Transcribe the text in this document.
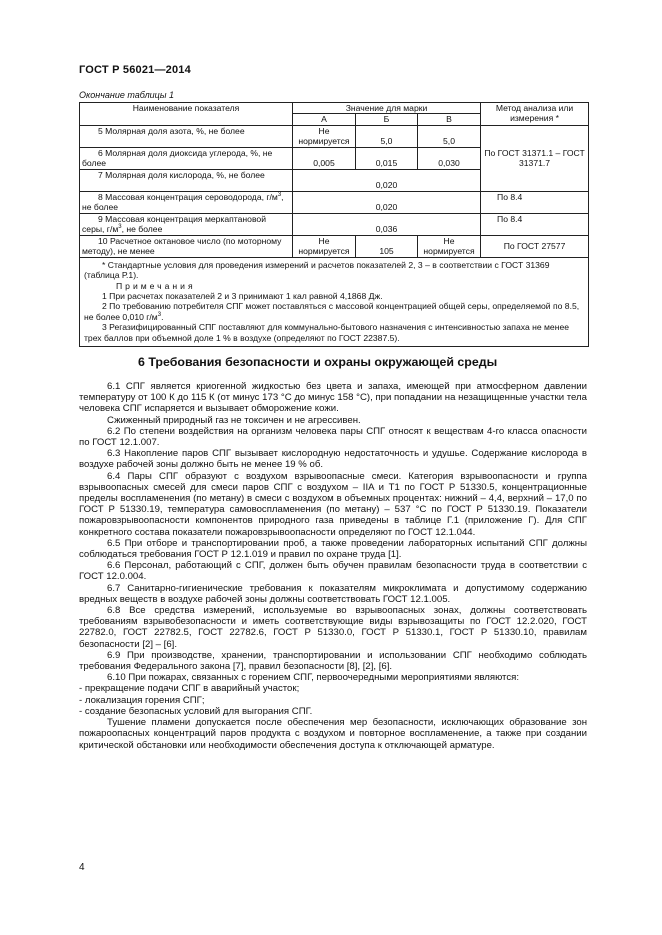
ГОСТ Р 56021—2014
Окончание таблицы 1
Наименование показателя	Значение для марки			Метод анализа или измерения *
	А	Б	В	
5 Молярная доля азота, %, не более	Не нормируется	5,0	5,0	По ГОСТ 31371.1 – ГОСТ 31371.7
6 Молярная доля диоксида углерода, %, не более	0,005	0,015	0,030	
7 Молярная доля кислорода, %, не более	0,020			
8 Массовая концентрация сероводорода, $г/м^3$, не более	0,020			По 8.4
9 Массовая концентрация меркаптановой серы, $г/м^3$, не более	0,036			По 8.4
10 Расчетное октановое число (по моторному методу), не менее	Не нормируется	105	Не нормируется	По ГОСТ 27577

* Стандартные условия для проведения измерений и расчетов показателей 2, 3 – в соответствии с ГОСТ 31369 (таблица Р.1).
Примечания
1 При расчетах показателей 2 и 3 принимают 1 кал равной 4,1868 Дж.
2 По требованию потребителя СПГ может поставляться с массовой концентрацией общей серы, определяемой по 8.5, не более 0,010 $г/м^3$.
3 Регазифицированный СПГ поставляют для коммунально-бытового назначения с интенсивностью запаха не менее трех баллов при объемной доле 1 % в воздухе (определяют по ГОСТ 22387.5).				
6 Требования безопасности и охраны окружающей среды

6.1 СПГ является криогенной жидкостью без цвета и запаха, имеющей при атмосферном давлении температуру от 100 К до 115 К (от минус 173 °С до минус 158 °С), при попадании на незащищенные участки тела человека СПГ испаряется и вызывает обморожение кожи.

Сжиженный природный газ не токсичен и не агрессивен.

6.2 По степени воздействия на организм человека пары СПГ относят к веществам 4-го класса опасности по ГОСТ 12.1.007.

6.3 Накопление паров СПГ вызывает кислородную недостаточность и удушье. Содержание кислорода в воздухе рабочей зоны должно быть не менее 19 % об.

6.4 Пары СПГ образуют с воздухом взрывоопасные смеси. Категория взрывоопасности и группа взрывоопасных смесей для смеси паров СПГ с воздухом – IIA и Т1 по ГОСТ Р 51330.5, концентрационные пределы воспламенения (по метану) в смеси с воздухом в объемных процентах: нижний – 4,4, верхний – 17,0 по ГОСТ Р 51330.19, температура самовоспламенения (по метану) – 537 °С по ГОСТ Р 51330.19. Показатели пожаровзрывоопасности компонентов природного газа приведены в таблице Г.1 (приложение Г). Для СПГ конкретного состава показатели пожаровзрывоопасности определяют по ГОСТ 12.1.044.

6.5 При отборе и транспортировании проб, а также проведении лабораторных испытаний СПГ должны соблюдаться требования ГОСТ Р 12.1.019 и правил по охране труда [1].

6.6 Персонал, работающий с СПГ, должен быть обучен правилам безопасности труда в соответствии с ГОСТ 12.0.004.

6.7 Санитарно-гигиенические требования к показателям микроклимата и допустимому содержанию вредных веществ в воздухе рабочей зоны должны соответствовать ГОСТ 12.1.005.

6.8 Все средства измерений, используемые во взрывоопасных зонах, должны соответствовать требованиям взрывобезопасности и иметь соответствующие виды взрывозащиты по ГОСТ 12.2.020, ГОСТ 22782.0, ГОСТ 22782.5, ГОСТ 22782.6, ГОСТ Р 51330.0, ГОСТ Р 51330.1, ГОСТ Р 51330.10, правилам безопасности [2] – [6].

6.9 При производстве, хранении, транспортировании и использовании СПГ необходимо соблюдать требования Федерального закона [7], правил безопасности [8], [2], [6].

6.10 При пожарах, связанных с горением СПГ, первоочередными мероприятиями являются:

- прекращение подачи СПГ в аварийный участок;

- локализация горения СПГ;

- создание безопасных условий для выгорания СПГ.

Тушение пламени допускается после обеспечения мер безопасности, исключающих образование зон пожароопасных концентраций паров продукта с воздухом и повторное воспламенение, а также при создании критической обстановки или необходимости обеспечения доступа к отключающей арматуре.

4
